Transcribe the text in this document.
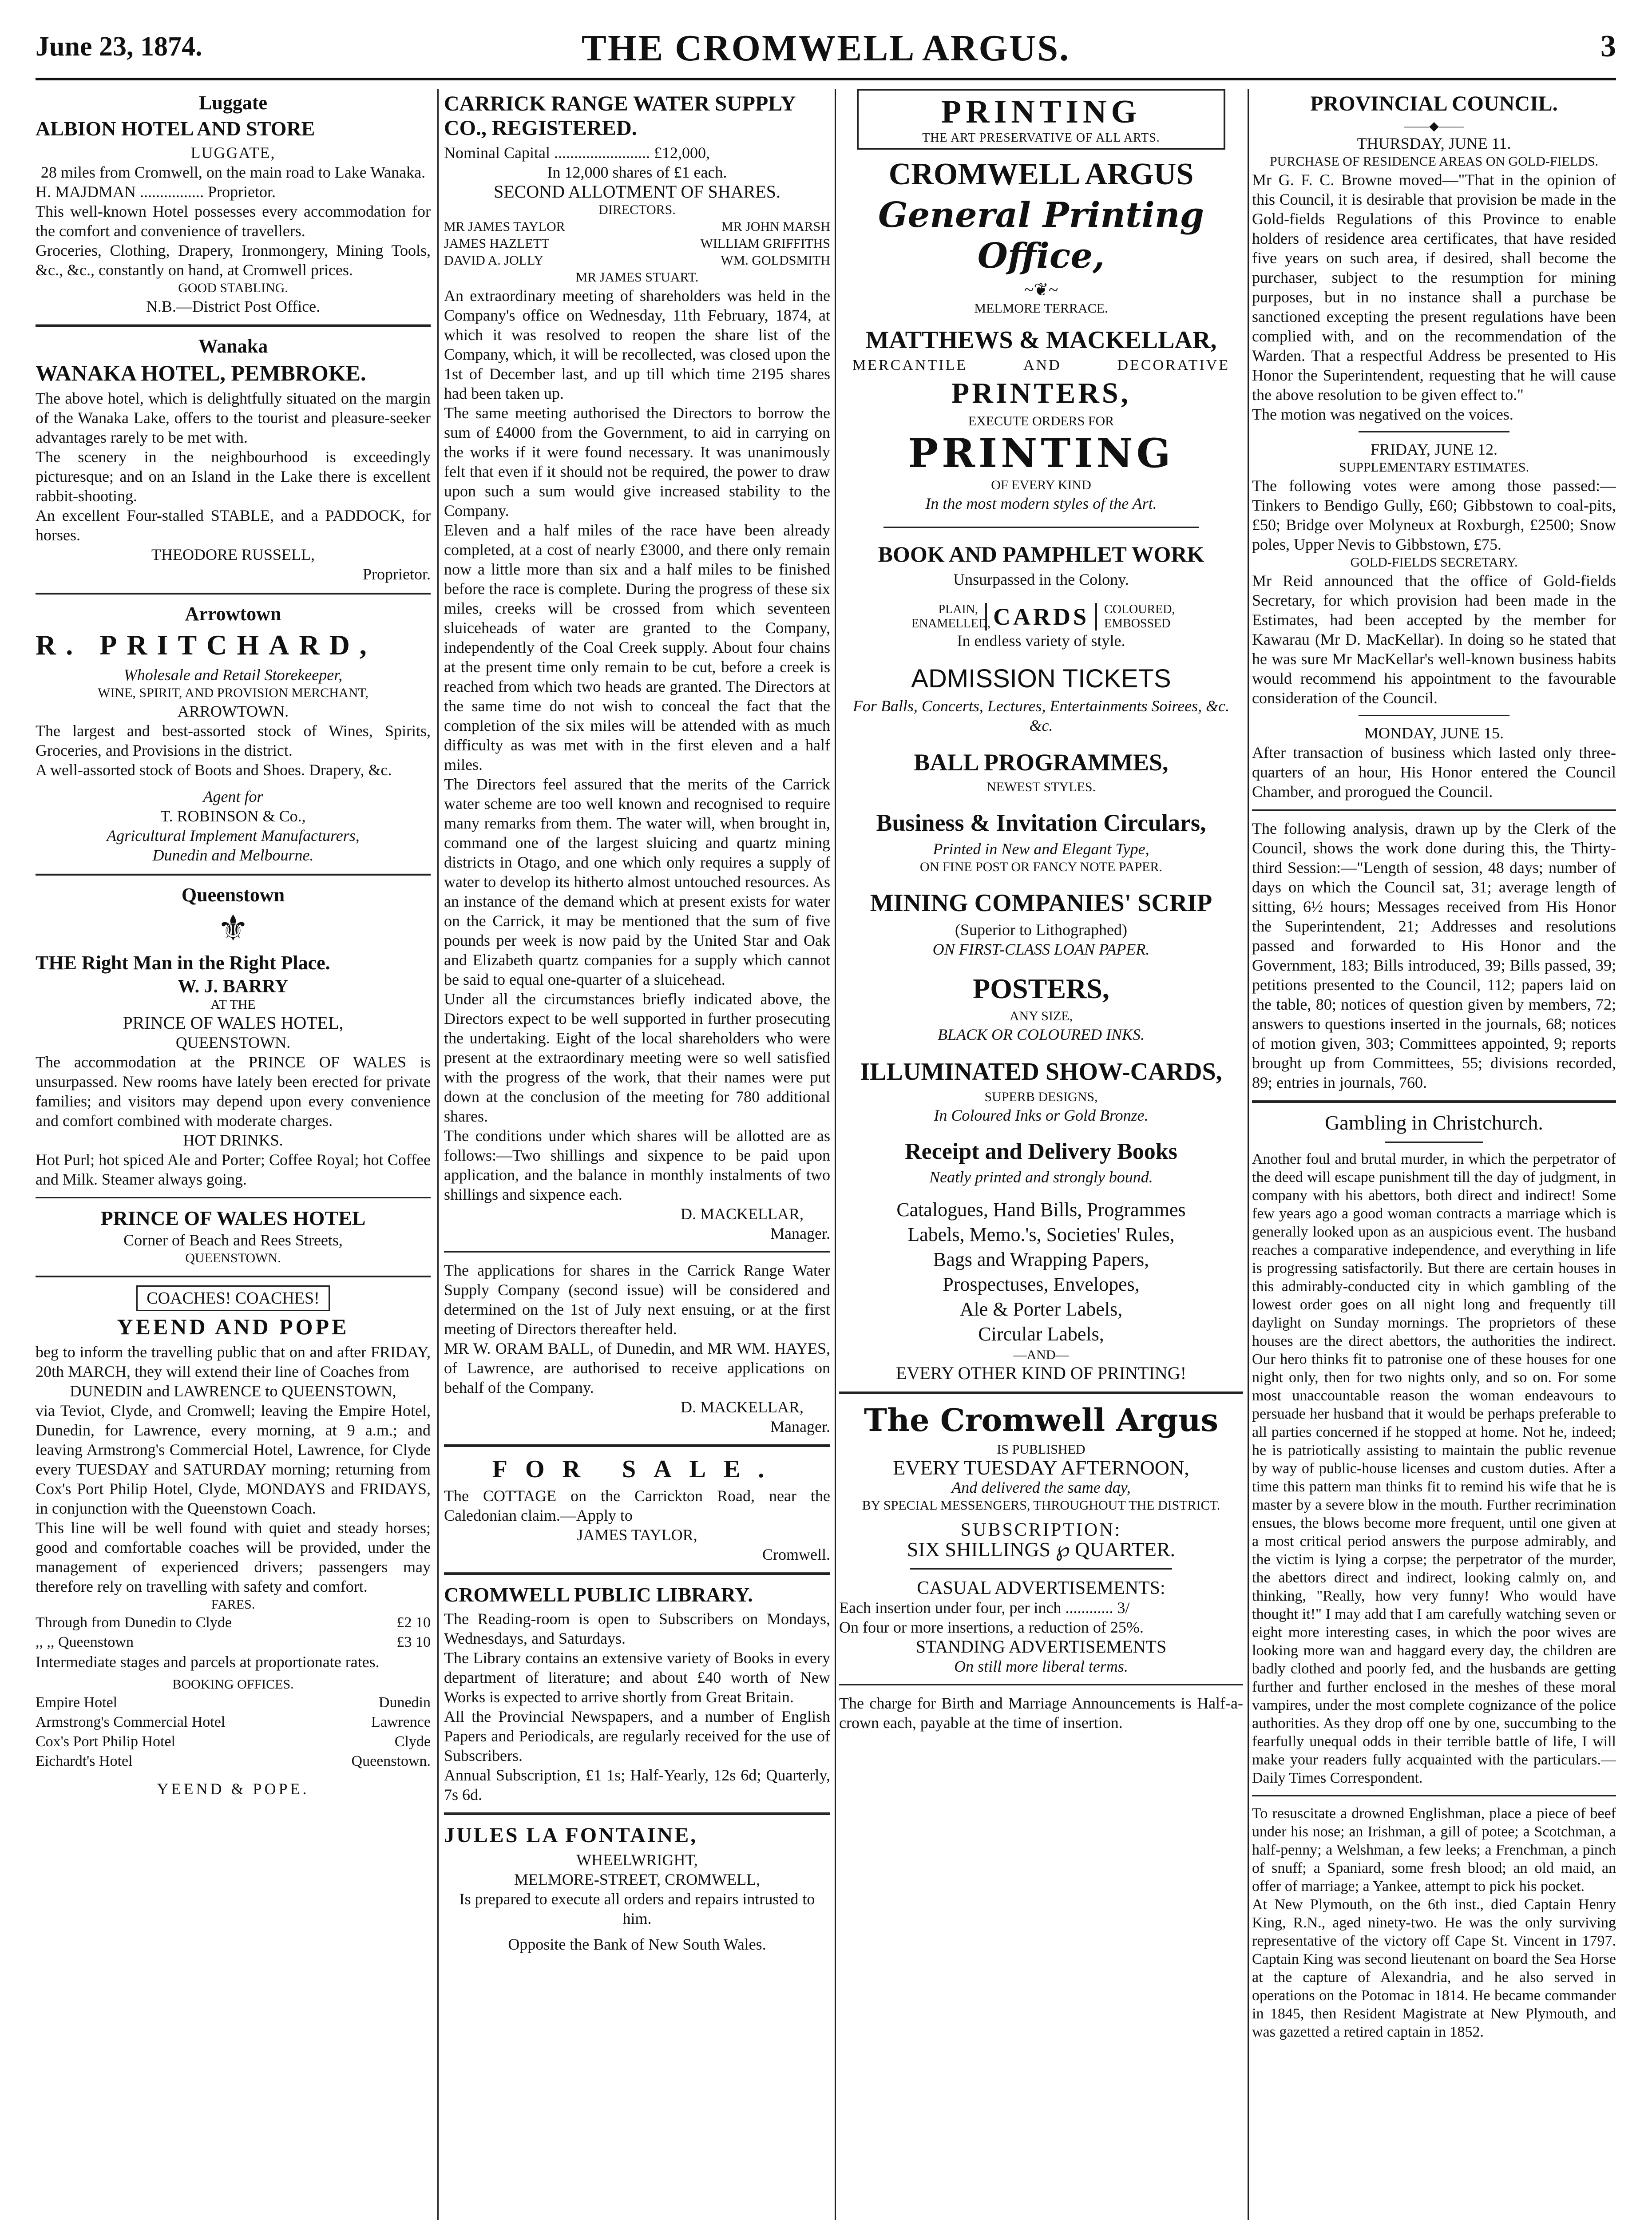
June 23, 1874.	THE CROMWELL ARGUS.	3
Luggate
ALBION HOTEL AND STORE

LUGGATE,

28 miles from Cromwell, on the main road to Lake Wanaka.

H. MAJDMAN ................ Proprietor.

This well-known Hotel possesses every accommodation for the comfort and convenience of travellers.

Groceries, Clothing, Drapery, Ironmongery, Mining Tools, &c., &c., constantly on hand, at Cromwell prices.

GOOD STABLING.

N.B.—District Post Office.

Wanaka
WANAKA HOTEL, PEMBROKE.

The above hotel, which is delightfully situated on the margin of the Wanaka Lake, offers to the tourist and pleasure-seeker advantages rarely to be met with.

The scenery in the neighbourhood is exceedingly picturesque; and on an Island in the Lake there is excellent rabbit-shooting.

An excellent Four-stalled STABLE, and a PADDOCK, for horses.

THEODORE RUSSELL,

Proprietor.

Arrowtown
R. PRITCHARD,

Wholesale and Retail Storekeeper,

WINE, SPIRIT, AND PROVISION MERCHANT,

ARROWTOWN.

The largest and best-assorted stock of Wines, Spirits, Groceries, and Provisions in the district.

A well-assorted stock of Boots and Shoes. Drapery, &c.

Agent for

T. ROBINSON & Co.,

Agricultural Implement Manufacturers,

Dunedin and Melbourne.

Queenstown
⚜
THE Right Man in the Right Place.

W. J. BARRY

AT THE

PRINCE OF WALES HOTEL,

QUEENSTOWN.

The accommodation at the PRINCE OF WALES is unsurpassed. New rooms have lately been erected for private families; and visitors may depend upon every convenience and comfort combined with moderate charges.

HOT DRINKS.

Hot Purl; hot spiced Ale and Porter; Coffee Royal; hot Coffee and Milk. Steamer always going.

PRINCE OF WALES HOTEL

Corner of Beach and Rees Streets,

QUEENSTOWN.

COACHES! COACHES!
YEEND AND POPE

beg to inform the travelling public that on and after FRIDAY, 20th MARCH, they will extend their line of Coaches from

DUNEDIN and LAWRENCE to QUEENSTOWN,

via Teviot, Clyde, and Cromwell; leaving the Empire Hotel, Dunedin, for Lawrence, every morning, at 9 a.m.; and leaving Armstrong's Commercial Hotel, Lawrence, for Clyde every TUESDAY and SATURDAY morning; returning from Cox's Port Philip Hotel, Clyde, MONDAYS and FRIDAYS, in conjunction with the Queenstown Coach.

This line will be well found with quiet and steady horses; good and comfortable coaches will be provided, under the management of experienced drivers; passengers may therefore rely on travelling with safety and comfort.

FARES.

Through from Dunedin to Clyde	£2 10
,, ,, Queenstown	£3 10

Intermediate stages and parcels at proportionate rates.

BOOKING OFFICES.

Empire Hotel	Dunedin
Armstrong's Commercial Hotel	Lawrence
Cox's Port Philip Hotel	Clyde
Eichardt's Hotel	Queenstown.

YEEND & POPE.

CARRICK RANGE WATER SUPPLY CO., REGISTERED.

Nominal Capital ........................ £12,000,

In 12,000 shares of £1 each.

SECOND ALLOTMENT OF SHARES.

DIRECTORS.

MR JAMES TAYLOR	MR JOHN MARSH
JAMES HAZLETT	WILLIAM GRIFFITHS
DAVID A. JOLLY	WM. GOLDSMITH

MR JAMES STUART.

An extraordinary meeting of shareholders was held in the Company's office on Wednesday, 11th February, 1874, at which it was resolved to reopen the share list of the Company, which, it will be recollected, was closed upon the 1st of December last, and up till which time 2195 shares had been taken up.

The same meeting authorised the Directors to borrow the sum of £4000 from the Government, to aid in carrying on the works if it were found necessary. It was unanimously felt that even if it should not be required, the power to draw upon such a sum would give increased stability to the Company.

Eleven and a half miles of the race have been already completed, at a cost of nearly £3000, and there only remain now a little more than six and a half miles to be finished before the race is complete. During the progress of these six miles, creeks will be crossed from which seventeen sluiceheads of water are granted to the Company, independently of the Coal Creek supply. About four chains at the present time only remain to be cut, before a creek is reached from which two heads are granted. The Directors at the same time do not wish to conceal the fact that the completion of the six miles will be attended with as much difficulty as was met with in the first eleven and a half miles.

The Directors feel assured that the merits of the Carrick water scheme are too well known and recognised to require many remarks from them. The water will, when brought in, command one of the largest sluicing and quartz mining districts in Otago, and one which only requires a supply of water to develop its hitherto almost untouched resources. As an instance of the demand which at present exists for water on the Carrick, it may be mentioned that the sum of five pounds per week is now paid by the United Star and Oak and Elizabeth quartz companies for a supply which cannot be said to equal one-quarter of a sluicehead.

Under all the circumstances briefly indicated above, the Directors expect to be well supported in further prosecuting the undertaking. Eight of the local shareholders who were present at the extraordinary meeting were so well satisfied with the progress of the work, that their names were put down at the conclusion of the meeting for 780 additional shares.

The conditions under which shares will be allotted are as follows:—Two shillings and sixpence to be paid upon application, and the balance in monthly instalments of two shillings and sixpence each.

D. MACKELLAR,

Manager.

The applications for shares in the Carrick Range Water Supply Company (second issue) will be considered and determined on the 1st of July next ensuing, or at the first meeting of Directors thereafter held.

MR W. ORAM BALL, of Dunedin, and MR WM. HAYES, of Lawrence, are authorised to receive applications on behalf of the Company.

D. MACKELLAR,

Manager.

FOR SALE.

The COTTAGE on the Carrickton Road, near the Caledonian claim.—Apply to

JAMES TAYLOR,

Cromwell.

CROMWELL PUBLIC LIBRARY.

The Reading-room is open to Subscribers on Mondays, Wednesdays, and Saturdays.

The Library contains an extensive variety of Books in every department of literature; and about £40 worth of New Works is expected to arrive shortly from Great Britain.

All the Provincial Newspapers, and a number of English Papers and Periodicals, are regularly received for the use of Subscribers.

Annual Subscription, £1 1s; Half-Yearly, 12s 6d; Quarterly, 7s 6d.

JULES LA FONTAINE,

WHEELWRIGHT,

MELMORE-STREET, CROMWELL,

Is prepared to execute all orders and repairs intrusted to him.

Opposite the Bank of New South Wales.

PRINTING
THE ART PRESERVATIVE OF ALL ARTS.
CROMWELL ARGUS
General Printing Office,
~❦~

MELMORE TERRACE.

MATTHEWS & MACKELLAR,
MERCANTILE	AND	DECORATIVE
PRINTERS,

EXECUTE ORDERS FOR

PRINTING

OF EVERY KIND

In the most modern styles of the Art.

BOOK AND PAMPHLET WORK

Unsurpassed in the Colony.

PLAIN, ENAMELLED, CARDS	COLOURED, EMBOSSED

In endless variety of style.

ADMISSION TICKETS

For Balls, Concerts, Lectures, Entertainments Soirees, &c. &c.

BALL PROGRAMMES,

NEWEST STYLES.

Business & Invitation Circulars,

Printed in New and Elegant Type,

ON FINE POST OR FANCY NOTE PAPER.

MINING COMPANIES' SCRIP

(Superior to Lithographed)

ON FIRST-CLASS LOAN PAPER.

POSTERS,

ANY SIZE,

BLACK OR COLOURED INKS.

ILLUMINATED SHOW-CARDS,

SUPERB DESIGNS,

In Coloured Inks or Gold Bronze.

Receipt and Delivery Books

Neatly printed and strongly bound.

Catalogues, Hand Bills, Programmes

Labels, Memo.'s, Societies' Rules,

Bags and Wrapping Papers,

Prospectuses, Envelopes,

Ale & Porter Labels,

Circular Labels,

—AND—

EVERY OTHER KIND OF PRINTING!

The Cromwell Argus

IS PUBLISHED

EVERY TUESDAY AFTERNOON,

And delivered the same day,

BY SPECIAL MESSENGERS, THROUGHOUT THE DISTRICT.

SUBSCRIPTION:

SIX SHILLINGS ℘ QUARTER.

CASUAL ADVERTISEMENTS:

Each insertion under four, per inch ............ 3/

On four or more insertions, a reduction of 25%.

STANDING ADVERTISEMENTS

On still more liberal terms.

The charge for Birth and Marriage Announcements is Half-a-crown each, payable at the time of insertion.

PROVINCIAL COUNCIL.
——◆——

THURSDAY, JUNE 11.

PURCHASE OF RESIDENCE AREAS ON GOLD-FIELDS.

Mr G. F. C. Browne moved—"That in the opinion of this Council, it is desirable that provision be made in the Gold-fields Regulations of this Province to enable holders of residence area certificates, that have resided five years on such area, if desired, shall become the purchaser, subject to the resumption for mining purposes, but in no instance shall a purchase be sanctioned excepting the present regulations have been complied with, and on the recommendation of the Warden. That a respectful Address be presented to His Honor the Superintendent, requesting that he will cause the above resolution to be given effect to."

The motion was negatived on the voices.

FRIDAY, JUNE 12.

SUPPLEMENTARY ESTIMATES.

The following votes were among those passed:—Tinkers to Bendigo Gully, £60; Gibbstown to coal-pits, £50; Bridge over Molyneux at Roxburgh, £2500; Snow poles, Upper Nevis to Gibbstown, £75.

GOLD-FIELDS SECRETARY.

Mr Reid announced that the office of Gold-fields Secretary, for which provision had been made in the Estimates, had been accepted by the member for Kawarau (Mr D. MacKellar). In doing so he stated that he was sure Mr MacKellar's well-known business habits would recommend his appointment to the favourable consideration of the Council.

MONDAY, JUNE 15.

After transaction of business which lasted only three-quarters of an hour, His Honor entered the Council Chamber, and prorogued the Council.

The following analysis, drawn up by the Clerk of the Council, shows the work done during this, the Thirty-third Session:—"Length of session, 48 days; number of days on which the Council sat, 31; average length of sitting, 6½ hours; Messages received from His Honor the Superintendent, 21; Addresses and resolutions passed and forwarded to His Honor and the Government, 183; Bills introduced, 39; Bills passed, 39; petitions presented to the Council, 112; papers laid on the table, 80; notices of question given by members, 72; answers to questions inserted in the journals, 68; notices of motion given, 303; Committees appointed, 9; reports brought up from Committees, 55; divisions recorded, 89; entries in journals, 760.

Gambling in Christchurch.

Another foul and brutal murder, in which the perpetrator of the deed will escape punishment till the day of judgment, in company with his abettors, both direct and indirect! Some few years ago a good woman contracts a marriage which is generally looked upon as an auspicious event. The husband reaches a comparative independence, and everything in life is progressing satisfactorily. But there are certain houses in this admirably-conducted city in which gambling of the lowest order goes on all night long and frequently till daylight on Sunday mornings. The proprietors of these houses are the direct abettors, the authorities the indirect. Our hero thinks fit to patronise one of these houses for one night only, then for two nights only, and so on. For some most unaccountable reason the woman endeavours to persuade her husband that it would be perhaps preferable to all parties concerned if he stopped at home. Not he, indeed; he is patriotically assisting to maintain the public revenue by way of public-house licenses and custom duties. After a time this pattern man thinks fit to remind his wife that he is master by a severe blow in the mouth. Further recrimination ensues, the blows become more frequent, until one given at a most critical period answers the purpose admirably, and the victim is lying a corpse; the perpetrator of the murder, the abettors direct and indirect, looking calmly on, and thinking, "Really, how very funny! Who would have thought it!" I may add that I am carefully watching seven or eight more interesting cases, in which the poor wives are looking more wan and haggard every day, the children are badly clothed and poorly fed, and the husbands are getting further and further enclosed in the meshes of these moral vampires, under the most complete cognizance of the police authorities. As they drop off one by one, succumbing to the fearfully unequal odds in their terrible battle of life, I will make your readers fully acquainted with the particulars.—Daily Times Correspondent.

To resuscitate a drowned Englishman, place a piece of beef under his nose; an Irishman, a gill of potee; a Scotchman, a half-penny; a Welshman, a few leeks; a Frenchman, a pinch of snuff; a Spaniard, some fresh blood; an old maid, an offer of marriage; a Yankee, attempt to pick his pocket.

At New Plymouth, on the 6th inst., died Captain Henry King, R.N., aged ninety-two. He was the only surviving representative of the victory off Cape St. Vincent in 1797. Captain King was second lieutenant on board the Sea Horse at the capture of Alexandria, and he also served in operations on the Potomac in 1814. He became commander in 1845, then Resident Magistrate at New Plymouth, and was gazetted a retired captain in 1852.
